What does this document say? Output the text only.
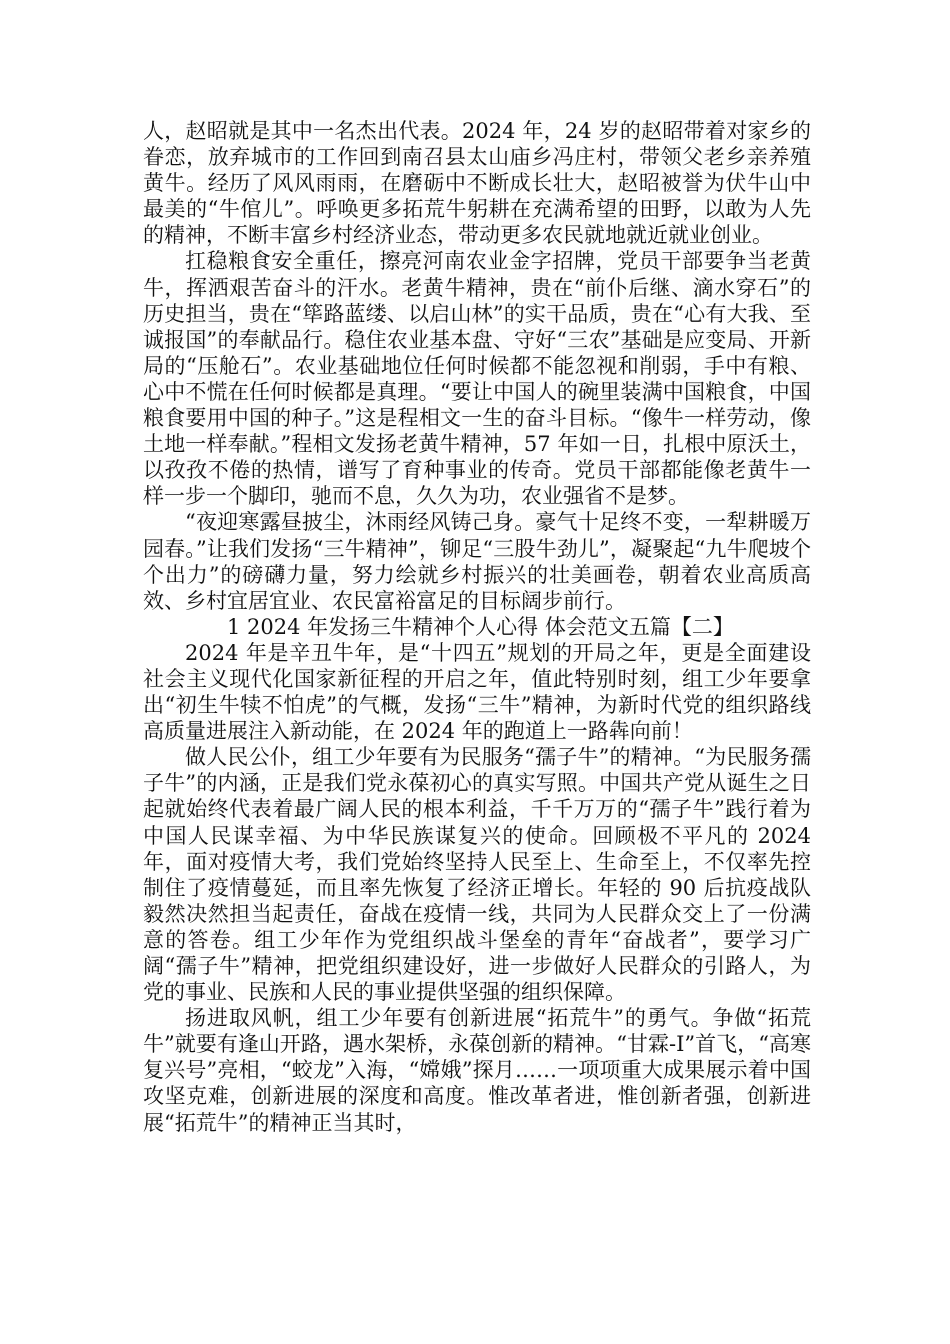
人，赵昭就是其中一名杰出代表。2024 年，24 岁的赵昭带着对家乡的眷恋，放弃城市的工作回到南召县太山庙乡冯庄村，带领父老乡亲养殖黄牛。经历了风风雨雨，在磨砺中不断成长壮大，赵昭被誉为伏牛山中最美的“牛倌儿”。呼唤更多拓荒牛躬耕在充满希望的田野，以敢为人先的精神，不断丰富乡村经济业态，带动更多农民就地就近就业创业。

扛稳粮食安全重任，擦亮河南农业金字招牌，党员干部要争当老黄牛，挥洒艰苦奋斗的汗水。老黄牛精神，贵在“前仆后继、滴水穿石”的历史担当，贵在“筚路蓝缕、以启山林”的实干品质，贵在“心有大我、至诚报国”的奉献品行。稳住农业基本盘、守好“三农”基础是应变局、开新局的“压舱石”。农业基础地位任何时候都不能忽视和削弱，手中有粮、心中不慌在任何时候都是真理。“要让中国人的碗里装满中国粮食，中国粮食要用中国的种子。”这是程相文一生的奋斗目标。“像牛一样劳动，像土地一样奉献。”程相文发扬老黄牛精神，57 年如一日，扎根中原沃土，以孜孜不倦的热情，谱写了育种事业的传奇。党员干部都能像老黄牛一样一步一个脚印，驰而不息，久久为功，农业强省不是梦。

“夜迎寒露昼披尘，沐雨经风铸己身。豪气十足终不变，一犁耕暖万园春。”让我们发扬“三牛精神”，铆足“三股牛劲儿”，凝聚起“九牛爬坡个个出力”的磅礴力量，努力绘就乡村振兴的壮美画卷，朝着农业高质高效、乡村宜居宜业、农民富裕富足的目标阔步前行。

1 2024 年发扬三牛精神个人心得 体会范文五篇【二】

2024 年是辛丑牛年，是“十四五”规划的开局之年，更是全面建设社会主义现代化国家新征程的开启之年，值此特别时刻，组工少年要拿出“初生牛犊不怕虎”的气概，发扬“三牛”精神，为新时代党的组织路线高质量进展注入新动能，在 2024 年的跑道上一路犇向前！

做人民公仆，组工少年要有为民服务“孺子牛”的精神。“为民服务孺子牛”的内涵，正是我们党永葆初心的真实写照。中国共产党从诞生之日起就始终代表着最广阔人民的根本利益，千千万万的“孺子牛”践行着为中国人民谋幸福、为中华民族谋复兴的使命。回顾极不平凡的 2024 年，面对疫情大考，我们党始终坚持人民至上、生命至上，不仅率先控制住了疫情蔓延，而且率先恢复了经济正增长。年轻的 90 后抗疫战队毅然决然担当起责任，奋战在疫情一线，共同为人民群众交上了一份满意的答卷。组工少年作为党组织战斗堡垒的青年“奋战者”，要学习广阔“孺子牛”精神，把党组织建设好，进一步做好人民群众的引路人，为党的事业、民族和人民的事业提供坚强的组织保障。

扬进取风帆，组工少年要有创新进展“拓荒牛”的勇气。争做“拓荒牛”就要有逢山开路，遇水架桥，永葆创新的精神。“甘霖-I”首飞，“高寒复兴号”亮相，“蛟龙”入海，“嫦娥”探月……一项项重大成果展示着中国攻坚克难，创新进展的深度和高度。惟改革者进，惟创新者强，创新进展“拓荒牛”的精神正当其时，
